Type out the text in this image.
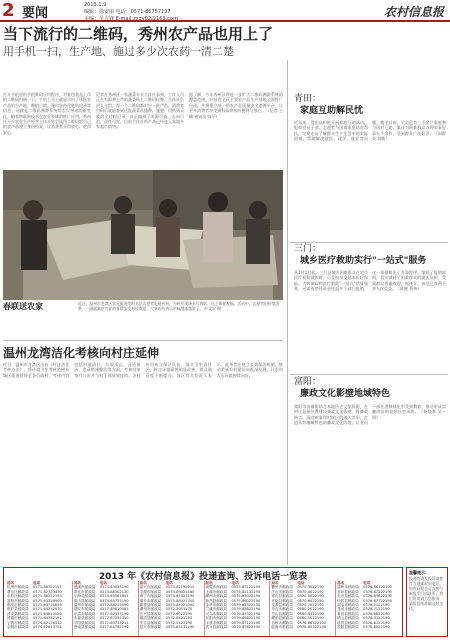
2 要闻
2013.1.9
编辑：徐安丽 电话：0571-86757197
美编：吴吉锋 E-mail:zxqy02@163.com	农村信息报
当下流行的二维码，秀州农产品也用上了
用手机一扫，生产地、施过多少次农药一清二楚
打开手机里的手机维码应用程序，对着包装盒上印的二维码扫描一下，手机上马上就显示出了该批农产品的生产地、种植日期、施用农药化肥的记录等信息，这就是二维码溯源系统给农民带来的新变化。随着物联网技术在农业领域的推广应用，秀州区不少农业生产经营主体开始尝试用二维码给自己的农产品建立身份档案，让消费者买得放心、吃得安心。
记者在秀州区一家蔬菜专业合作社看到，工作人员正在为即将上市的蔬菜贴上二维码标签。合作社负责人介绍，每一个二维码都对应一批产品，消费者扫码后就能查到这批蔬菜从播种、施肥、用药到采收的全过程记录，真正做到了来源可查、去向可追、责任可究，目前合作社的产品已经进入本地多家超市销售。
据了解，今年秀州区将进一步扩大二维码溯源系统的覆盖范围，计划在全区主要农产品生产基地全面推广应用，并将建立统一的农产品质量安全追溯平台，让更多消费者享受到科技带来的便利与放心。（记者 王峰 通讯员 陈平）
春联送农家	近日，温州市龙湾区状元街道组织书法志愿者走进村居，为村民现场书写春联、送上新春祝福。活动中，志愿者们挥毫泼墨，一副副寓意吉祥的春联深受村民欢迎，大家纷纷表示年味越来越浓了。 叶文宏 摄
温州龙湾洁化考核向村庄延伸
近日，温州市龙湾区出台《村庄洁化考核办法》，将环境卫生考核范围从城区街道延伸至各行政村，考核内容包括村道清扫、垃圾清运、河道保洁、违章搭建整治等方面，考核结果每月公布并与村干部绩效挂钩。各村纷纷成立保洁队伍，落实卫生责任区，村庄环境面貌明显改善，群众满意度不断提升。该区有关负责人表示，此举旨在建立长效保洁机制，推动美丽乡村建设向纵深发展，让农村人居环境持续向好。
青田：
家庭互助解民忧
近年来，青田县积极开展家庭互助活动，组织党员干部、志愿者与困难家庭结对帮扶，定期走访了解群众生产生活中的实际困难，帮助解决就医、就学、就业等问题。截至目前，全县已有三千余户家庭参与结对互助，累计为困难群众办理实事好事五千余件，受到群众广泛好评。（周群英 刘敏）
三门：
城乡医疗救助实行"一站式"服务
从1月1日起，三门县城乡困难群众在定点医疗机构就医时，可直接享受基本医疗保险、大病保险和医疗救助"一站式"结算服务，无需再垫付资金往返多个部门报销。这一举措简化了办事程序，缩短了报销时间，切实减轻了困难群众的就医负担，受到群众普遍欢迎。据统计，该县已有两千余人次受益。（陈健 蒋伟）
富阳：
廉政文化影壁地域特色
富阳市各镇街结合本地历史文化资源，在村庄显要位置建设廉政文化影壁，将廉政格言、清官故事和村规民约融入其中，打造具有地域特色的廉政文化阵地，让党员干部在潜移默化中受到教育，推动形成崇廉尚洁的良好社会风尚。（杨晓春 吴一明）
2013 年《农村信息报》投递查询、投诉电话一览表
局名	电话
杭州市邮政局	0571-86757191
萧山区邮政局	0571-82723450
余杭区邮政局	0571-86222195
富阳市邮政局	0571-63316900
临安市邮政局	0571-63711095
桐庐县邮政局	0571-64232070
淳安县邮政局	0571-64810520
建德市邮政局	0571-64732191
宁波市邮政局	0574-87126312
余姚市邮政局	0574-62653721
局名	电话
慈溪市邮政局	0574-63025190
奉化市邮政局	0574-88502130
宁海县邮政局	0574-65561851
象山县邮政局	0574-65725190
温州市邮政局	0577-88213050
瑞安市邮政局	0577-65810085
乐清市邮政局	0577-62537190
永嘉县邮政局	0577-67251350
平阳县邮政局	0577-63733211
苍南县邮政局	0577-64782190
局名	电话
嘉兴市邮政局	0573-82192210
平湖市邮政局	0573-85021180
海宁市邮政局	0573-87027190
桐乡市邮政局	0573-88021350
嘉善县邮政局	0573-84021090
湖州市邮政局	0572-2053170
长兴县邮政局	0572-6022190
德清县邮政局	0572-8421250
安吉县邮政局	0572-5122190
绍兴市邮政局	0575-85131190
局名	电话
诸暨市邮政局	0575-87122190
上虞市邮政局	0575-82132190
嵊州市邮政局	0575-83022190
新昌县邮政局	0575-86022190
金华市邮政局	0579-82322190
兰溪市邮政局	0579-88822190
义乌市邮政局	0579-85322190
东阳市邮政局	0579-86622190
永康市邮政局	0579-87122190
武义县邮政局	0579-87622190
局名	电话
衢州市邮政局	0570-3022190
江山市邮政局	0570-4022190
常山县邮政局	0570-5022190
开化县邮政局	0570-6022190
龙游县邮政局	0570-7022190
舟山市邮政局	0580-2022190
岱山县邮政局	0580-4422190
嵊泗县邮政局	0580-5022190
台州市邮政局	0576-88522190
临海市邮政局	0576-85322190
局名	电话
温岭市邮政局	0576-86122190
玉环县邮政局	0576-87222190
天台县邮政局	0576-83822190
仙居县邮政局	0576-87722190
丽水市邮政局	0578-2122190
龙泉市邮政局	0578-7122190
青田县邮政局	0578-6822190
缙云县邮政局	0578-3122190
遂昌县邮政局	0578-8122190
松阳县邮政局	0578-8022190
温馨提示：
投递查询及投诉请拨打当地邮政局电话，如有问题也可直接与本报发行部联系，我们将竭诚为您服务，确保报纸准确及时送达。
